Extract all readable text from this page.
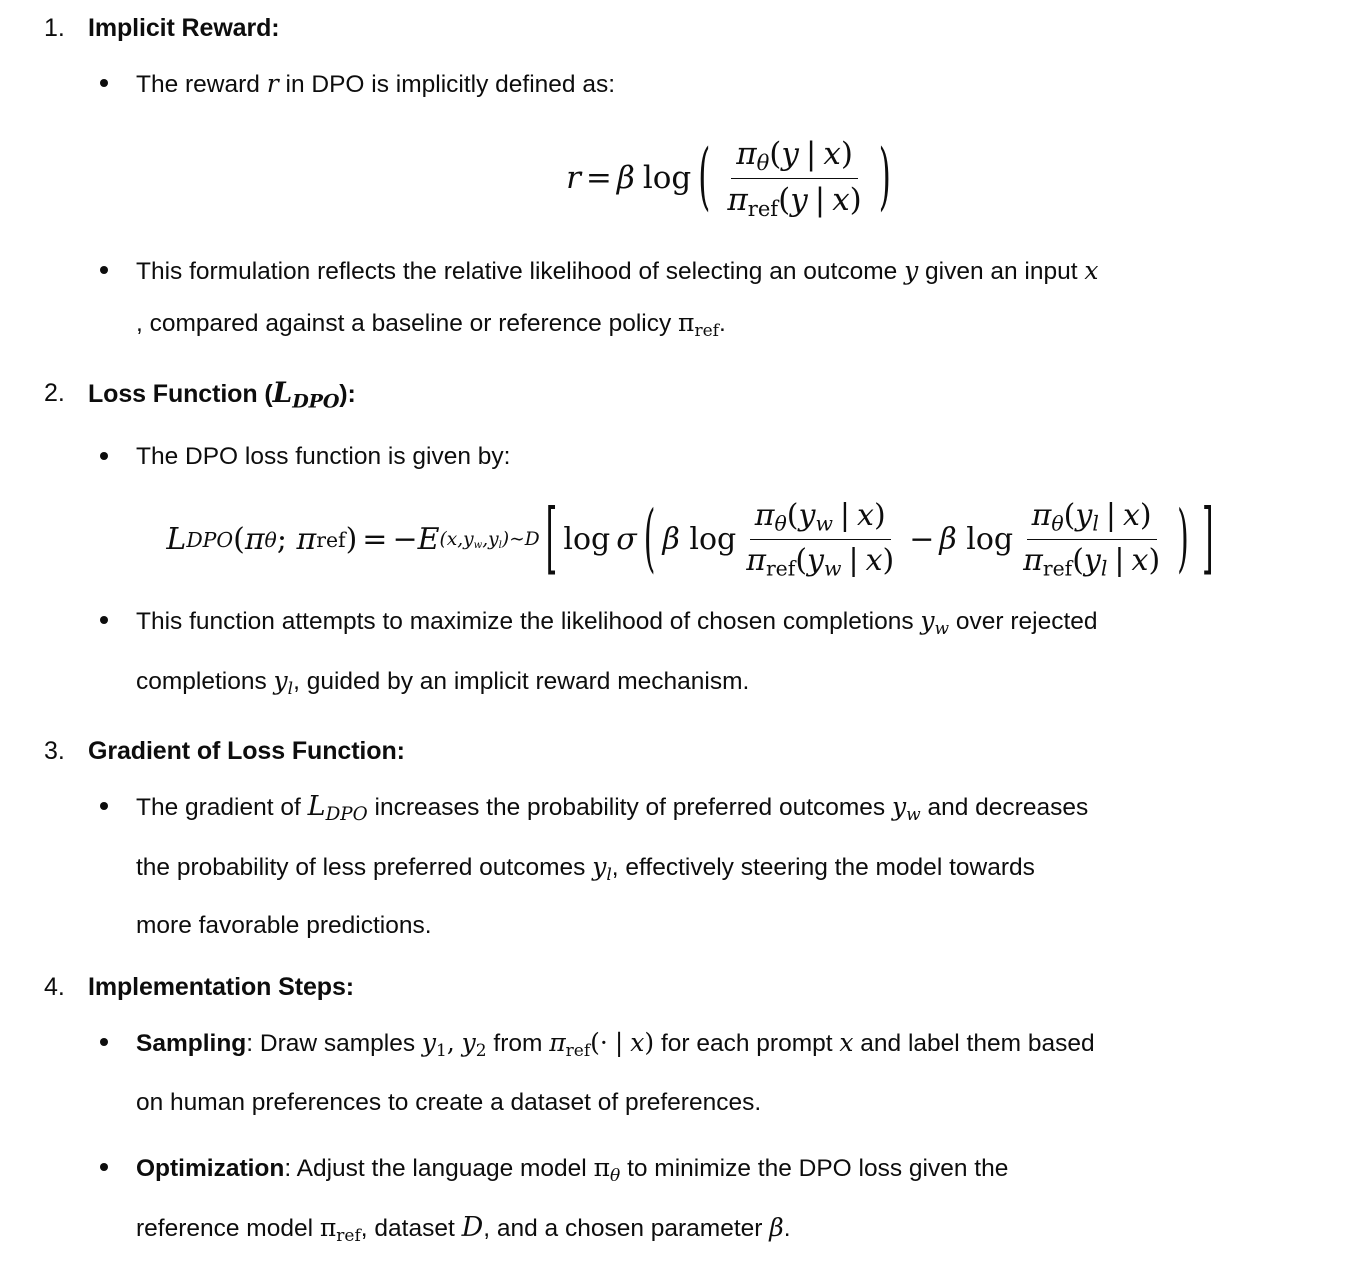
1. Implicit Reward:
The reward r in DPO is implicitly defined as:
r = β log ( $\frac{\pi_\theta(y | x)}{\pi_{ref}(y | x)}$ )
This formulation reflects the relative likelihood of selecting an outcome y given an input x
, compared against a baseline or reference policy $\pi_{ref}$.
2. Loss Function $(L_{DPO})$:
The DPO loss function is given by:
L DPO ( π θ ;
π ref ) = − E (x,yw,yl)∼D [ log
  σ ( β
$\log \frac{\pi_\theta(y_w | x)}{\pi_{ref}(y_w | x)} - \beta$
$\log \frac{\pi_\theta(y_l | x)}{\pi_{ref}(y_l | x)}$ ) ]
This function attempts to maximize the likelihood of chosen completions $y_w$ over rejected
completions $y_l$, guided by an implicit reward mechanism.
3. Gradient of Loss Function:
The gradient of $L_{DPO}$ increases the probability of preferred outcomes $y_w$ and decreases
the probability of less preferred outcomes $y_l$, effectively steering the model towards
more favorable predictions.
4. Implementation Steps:
Sampling: Draw samples $y_1$, $y_2$ from $\pi_{ref}(\cdot$ | x) for each prompt x and label them based
on human preferences to create a dataset of preferences.
Optimization: Adjust the language model $\pi_\theta$ to minimize the DPO loss given the
reference model $\pi_{ref}$, dataset D, and a chosen parameter β.
